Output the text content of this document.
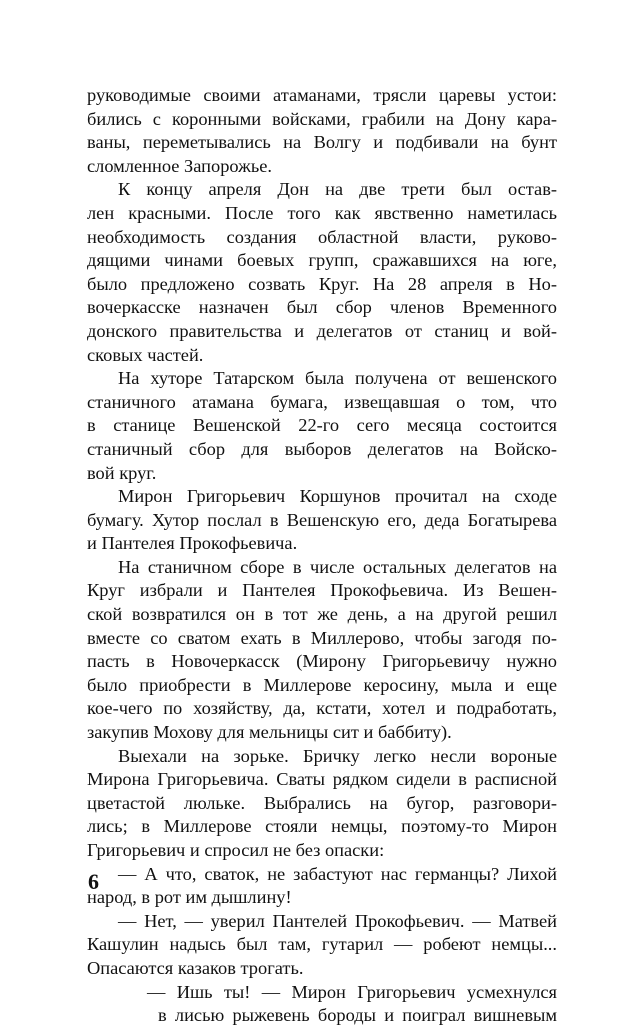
руководимые своими атаманами, трясли царевы устои:
бились с коронными войсками, грабили на Дону кара-
ваны, переметывались на Волгу и подбивали на бунт
сломленное Запорожье.
К концу апреля Дон на две трети был остав-
лен красными. После того как явственно наметилась
необходимость создания областной власти, руково-
дящими чинами боевых групп, сражавшихся на юге,
было предложено созвать Круг. На 28 апреля в Но-
вочеркасске назначен был сбор членов Временного
донского правительства и делегатов от станиц и вой-
сковых частей.
На хуторе Татарском была получена от вешенского
станичного атамана бумага, извещавшая о том, что
в станице Вешенской 22-го сего месяца состоится
станичный сбор для выборов делегатов на Войско-
вой круг.
Мирон Григорьевич Коршунов прочитал на сходе
бумагу. Хутор послал в Вешенскую его, деда Богатырева
и Пантелея Прокофьевича.
На станичном сборе в числе остальных делегатов на
Круг избрали и Пантелея Прокофьевича. Из Вешен-
ской возвратился он в тот же день, а на другой решил
вместе со сватом ехать в Миллерово, чтобы загодя по-
пасть в Новочеркасск (Мирону Григорьевичу нужно
было приобрести в Миллерове керосину, мыла и еще
кое-чего по хозяйству, да, кстати, хотел и подработать,
закупив Мохову для мельницы сит и баббиту).
Выехали на зорьке. Бричку легко несли вороные
Мирона Григорьевича. Сваты рядком сидели в расписной
цветастой люльке. Выбрались на бугор, разговори-
лись; в Миллерове стояли немцы, поэтому-то Мирон
Григорьевич и спросил не без опаски:
— А что, сваток, не забастуют нас германцы? Лихой
народ, в рот им дышлину!
— Нет, — уверил Пантелей Прокофьевич. — Матвей
Кашулин надысь был там, гутарил — робеют немцы...
Опасаются казаков трогать.
— Ишь ты! — Мирон Григорьевич усмехнулся
в лисью рыжевень бороды и поиграл вишневым
6
